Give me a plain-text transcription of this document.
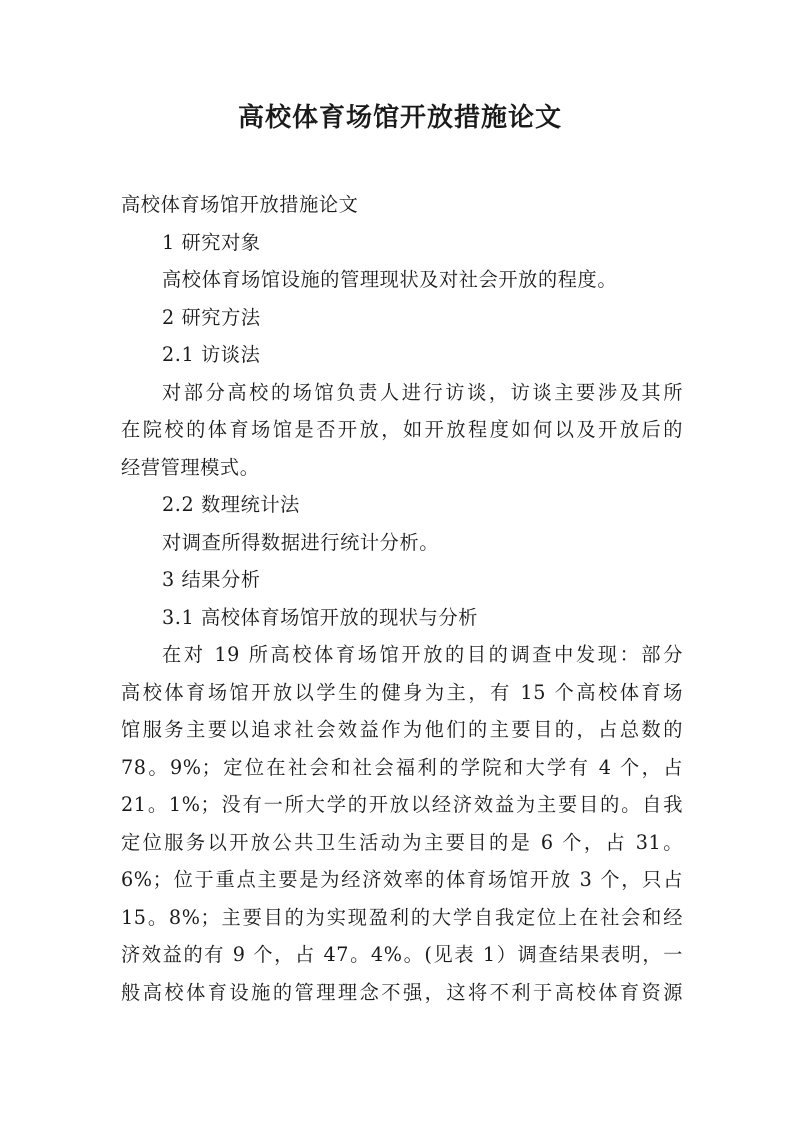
高校体育场馆开放措施论文
高校体育场馆开放措施论文
1 研究对象
高校体育场馆设施的管理现状及对社会开放的程度。
2 研究方法
2.1 访谈法
对部分高校的场馆负责人进行访谈，访谈主要涉及其所
在院校的体育场馆是否开放，如开放程度如何以及开放后的
经营管理模式。
2.2 数理统计法
对调查所得数据进行统计分析。
3 结果分析
3.1 高校体育场馆开放的现状与分析
在对 19 所高校体育场馆开放的目的调查中发现：部分
高校体育场馆开放以学生的健身为主，有 15 个高校体育场
馆服务主要以追求社会效益作为他们的主要目的，占总数的
78。9%；定位在社会和社会福利的学院和大学有 4 个，占
21。1%；没有一所大学的开放以经济效益为主要目的。自我
定位服务以开放公共卫生活动为主要目的是 6 个，占 31。
6%；位于重点主要是为经济效率的体育场馆开放 3 个，只占
15。8%；主要目的为实现盈利的大学自我定位上在社会和经
济效益的有 9 个，占 47。4%。(见表 1）调查结果表明，一
般高校体育设施的管理理念不强，这将不利于高校体育资源
